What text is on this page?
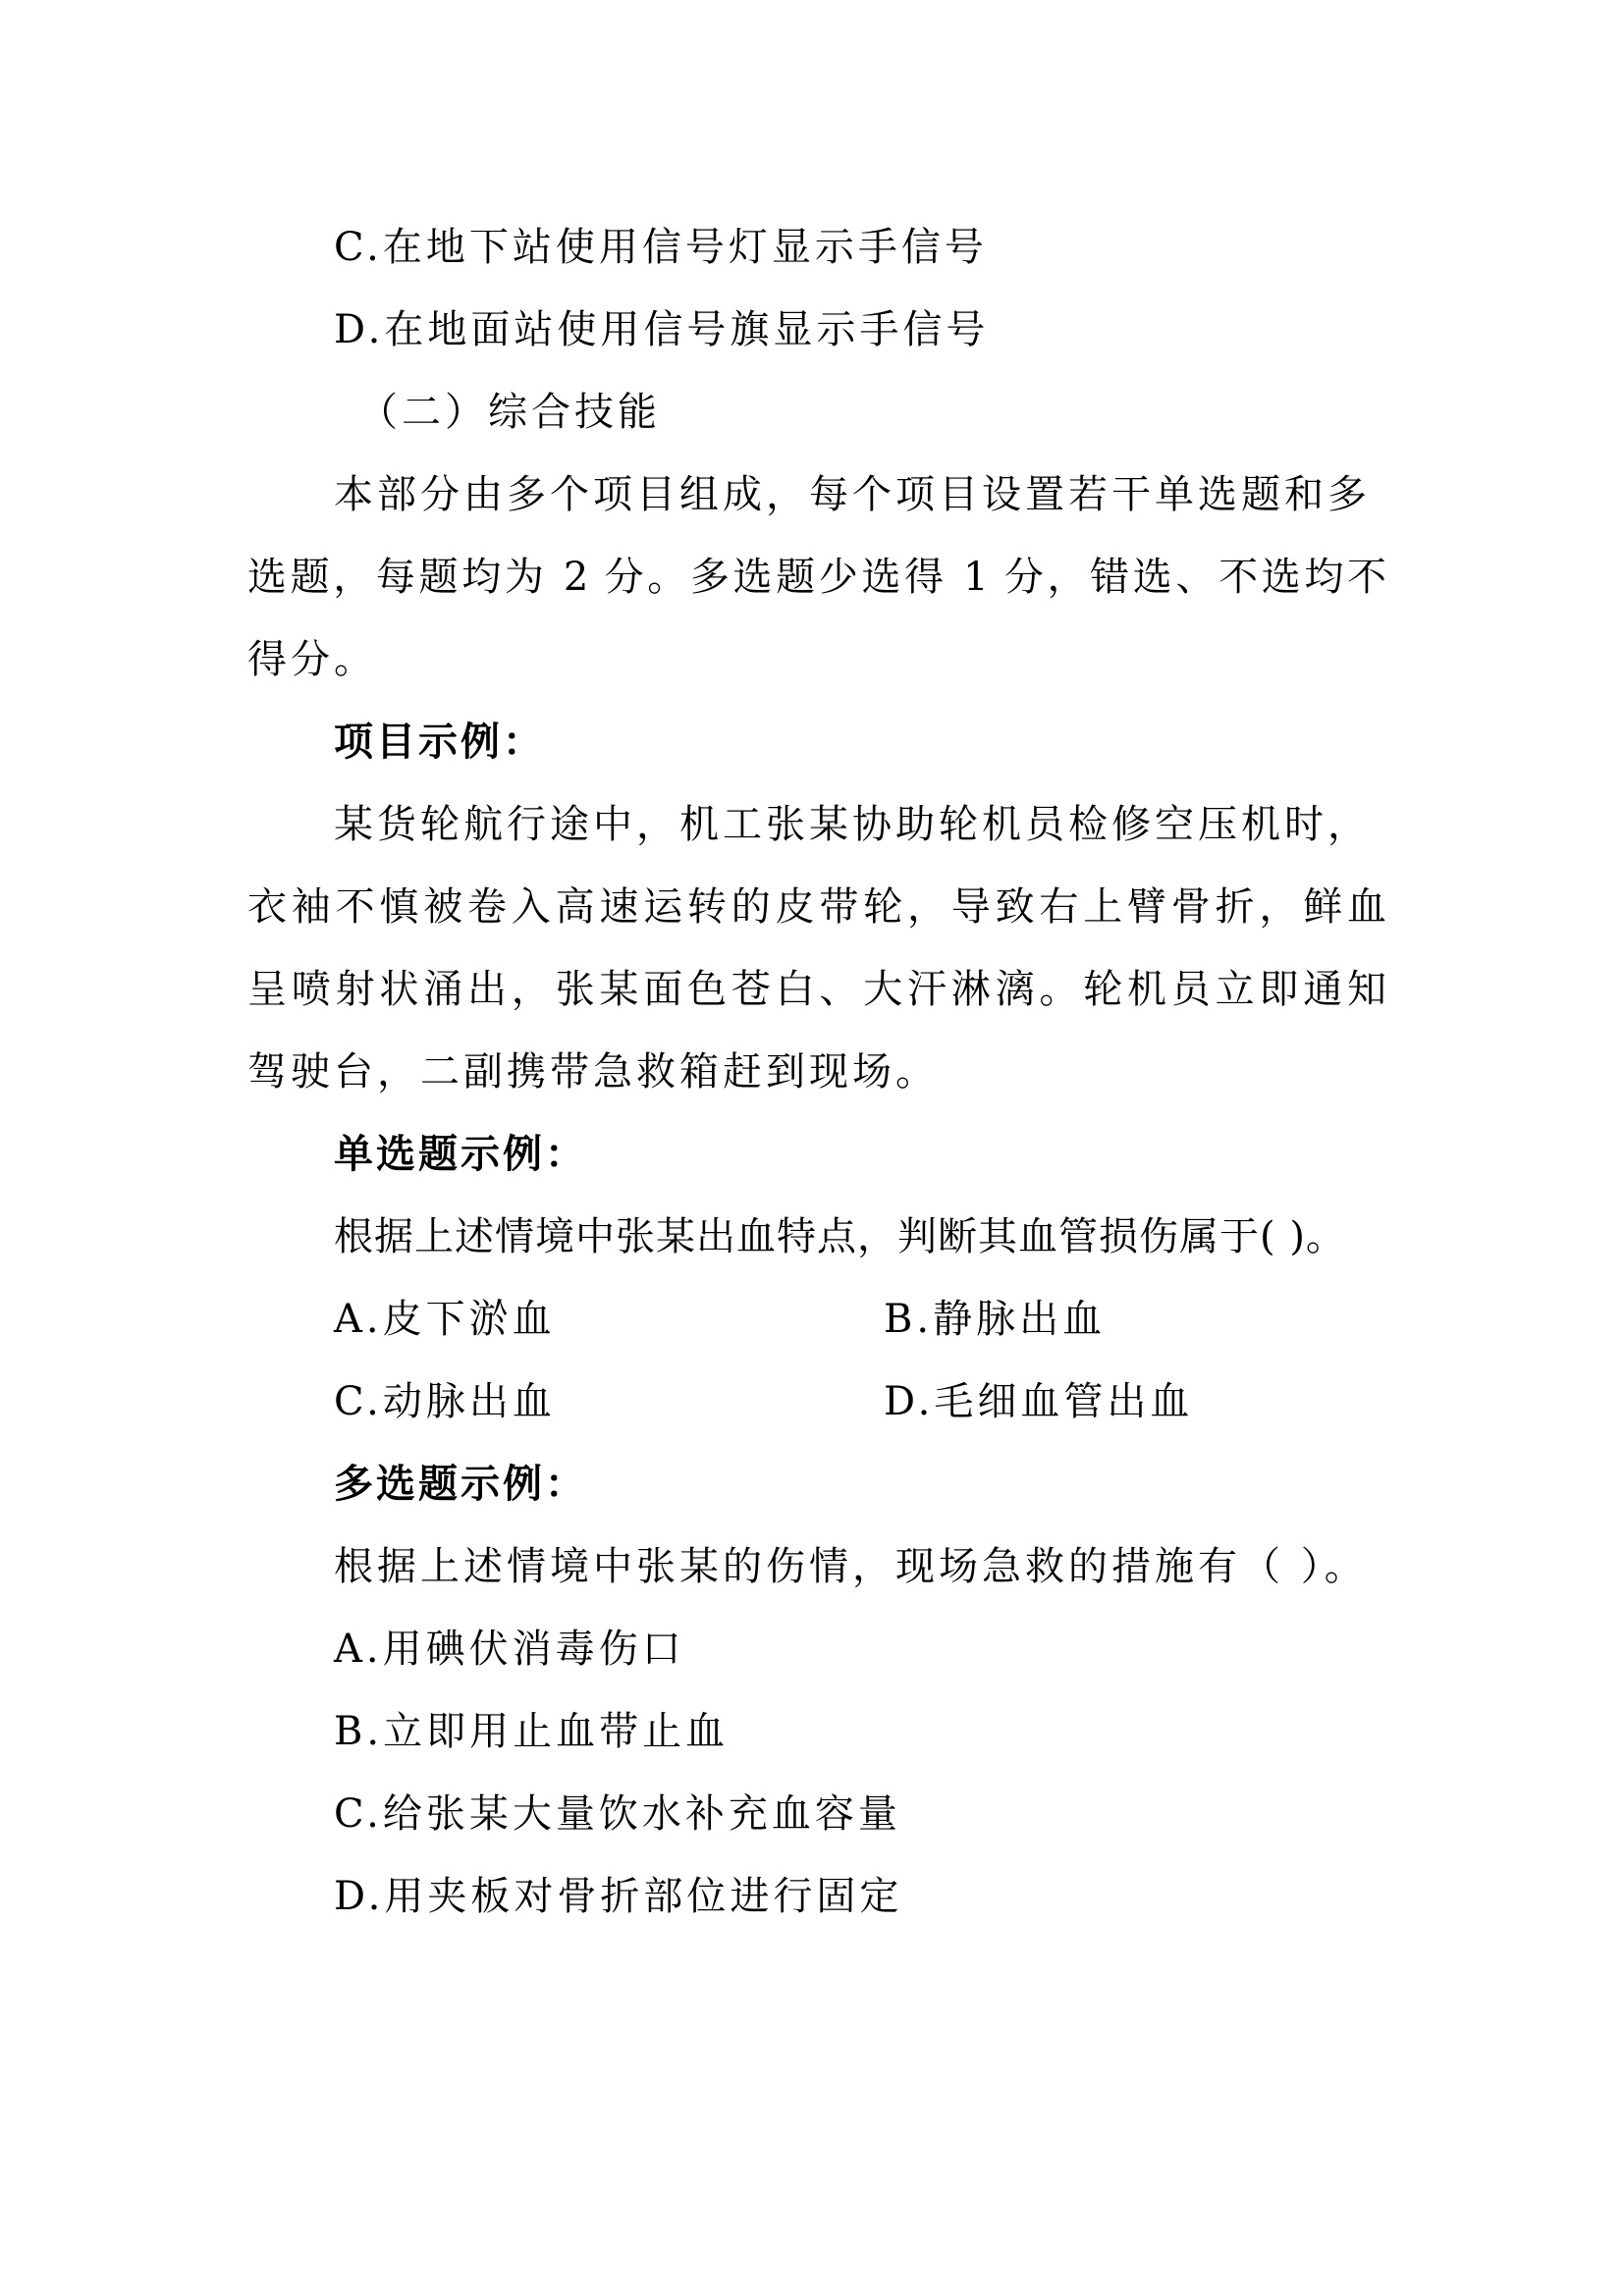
C.在地下站使用信号灯显示手信号
D.在地面站使用信号旗显示手信号
（二）综合技能
本部分由多个项目组成，每个项目设置若干单选题和多
选题，每题均为 2 分。多选题少选得 1 分，错选、不选均不
得分。
项目示例：
某货轮航行途中，机工张某协助轮机员检修空压机时，
衣袖不慎被卷入高速运转的皮带轮，导致右上臂骨折，鲜血
呈喷射状涌出，张某面色苍白、大汗淋漓。轮机员立即通知
驾驶台，二副携带急救箱赶到现场。
单选题示例：
根据上述情境中张某出血特点，判断其血管损伤属于( )。
A.皮下淤血	B.静脉出血
C.动脉出血	D.毛细血管出血
多选题示例：
根据上述情境中张某的伤情，现场急救的措施有（ ）。
A.用碘伏消毒伤口
B.立即用止血带止血
C.给张某大量饮水补充血容量
D.用夹板对骨折部位进行固定
